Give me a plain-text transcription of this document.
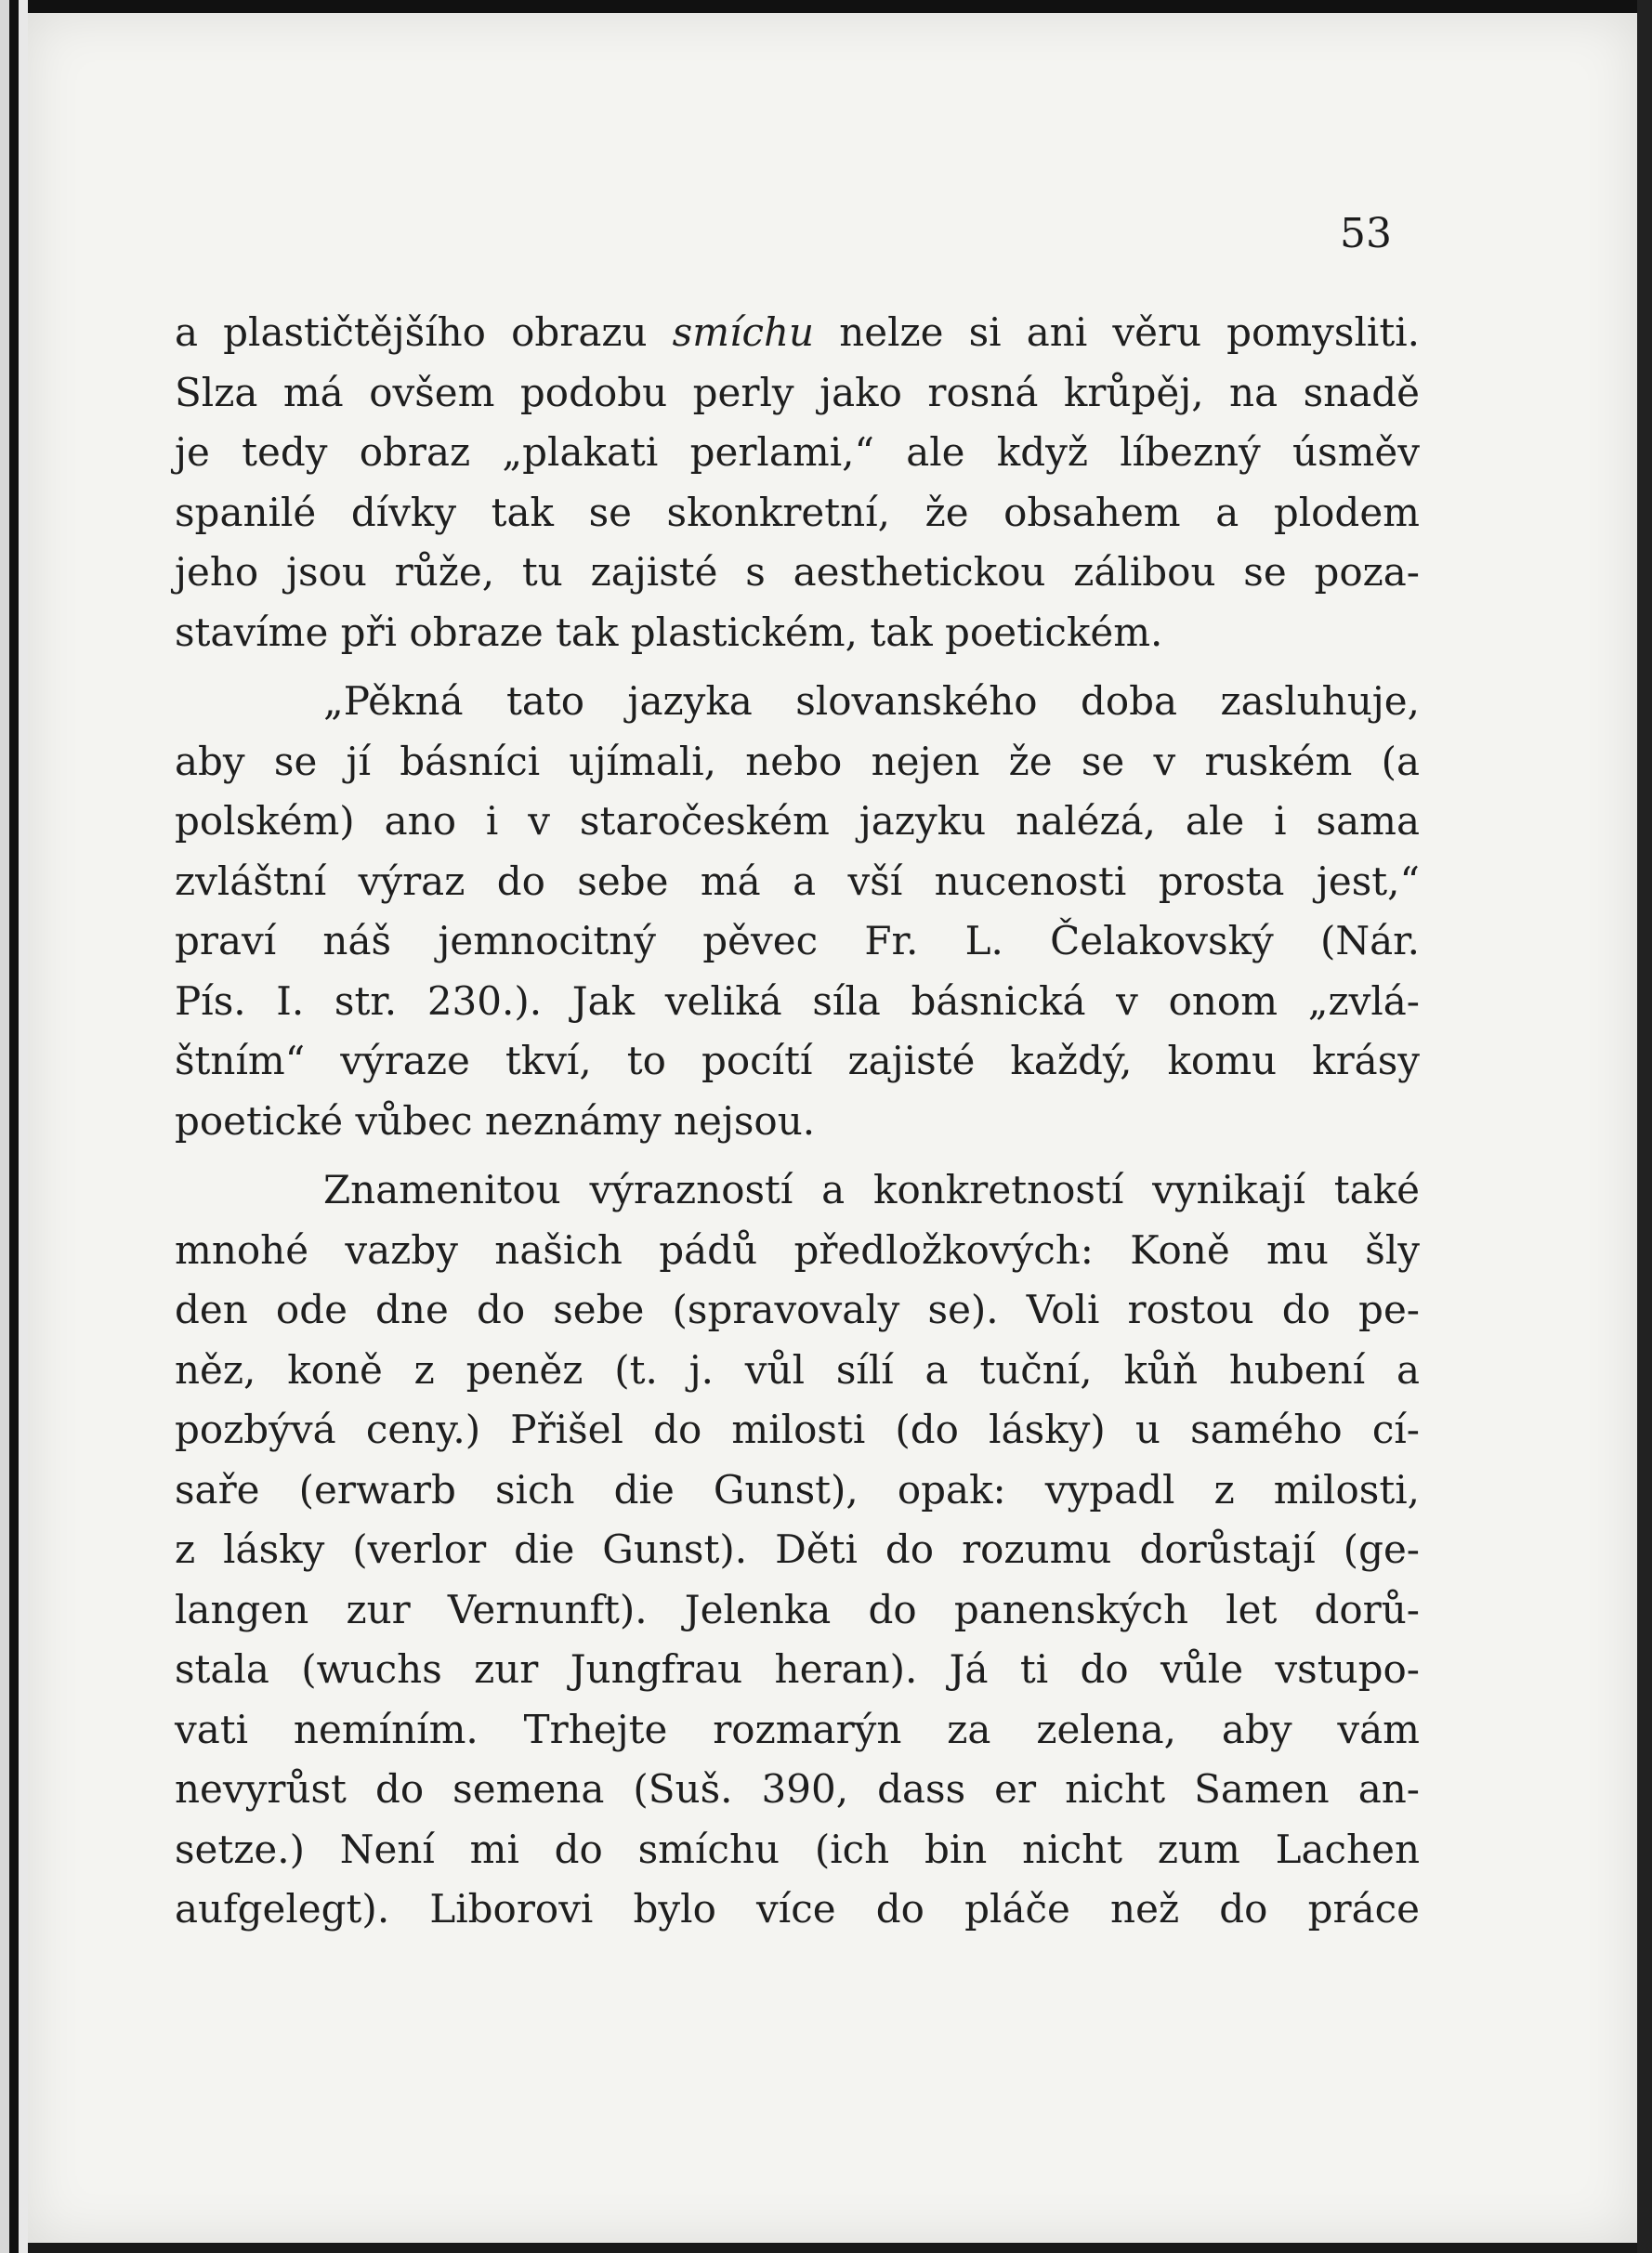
53

a plastičtějšího obrazu smíchu nelze si ani věru pomysliti.
Slza má ovšem podobu perly jako rosná krůpěj, na snadě
je tedy obraz „plakati perlami,“ ale když líbezný úsměv
spanilé dívky tak se skonkretní, že obsahem a plodem
jeho jsou růže, tu zajisté s aesthetickou zálibou se poza-
stavíme při obraze tak plastickém, tak poetickém.

„Pěkná tato jazyka slovanského doba zasluhuje,
aby se jí básníci ujímali, nebo nejen že se v ruském (a
polském) ano i v staročeském jazyku nalézá, ale i sama
zvláštní výraz do sebe má a vší nucenosti prosta jest,“
praví náš jemnocitný pěvec Fr. L. Čelakovský (Nár.
Pís. I. str. 230.). Jak veliká síla básnická v onom „zvlá-
štním“ výraze tkví, to pocítí zajisté každý, komu krásy
poetické vůbec neznámy nejsou.

Znamenitou výrazností a konkretností vynikají také
mnohé vazby našich pádů předložkových: Koně mu šly
den ode dne do sebe (spravovaly se). Voli rostou do pe-
něz, koně z peněz (t. j. vůl sílí a tuční, kůň hubení a
pozbývá ceny.) Přišel do milosti (do lásky) u samého cí-
saře (erwarb sich die Gunst), opak: vypadl z milosti,
z lásky (verlor die Gunst). Děti do rozumu dorůstají (ge-
langen zur Vernunft). Jelenka do panenských let dorů-
stala (wuchs zur Jungfrau heran). Já ti do vůle vstupo-
vati nemíním. Trhejte rozmarýn za zelena, aby vám
nevyrůst do semena (Suš. 390, dass er nicht Samen an-
setze.) Není mi do smíchu (ich bin nicht zum Lachen
aufgelegt). Liborovi bylo více do pláče než do práce
